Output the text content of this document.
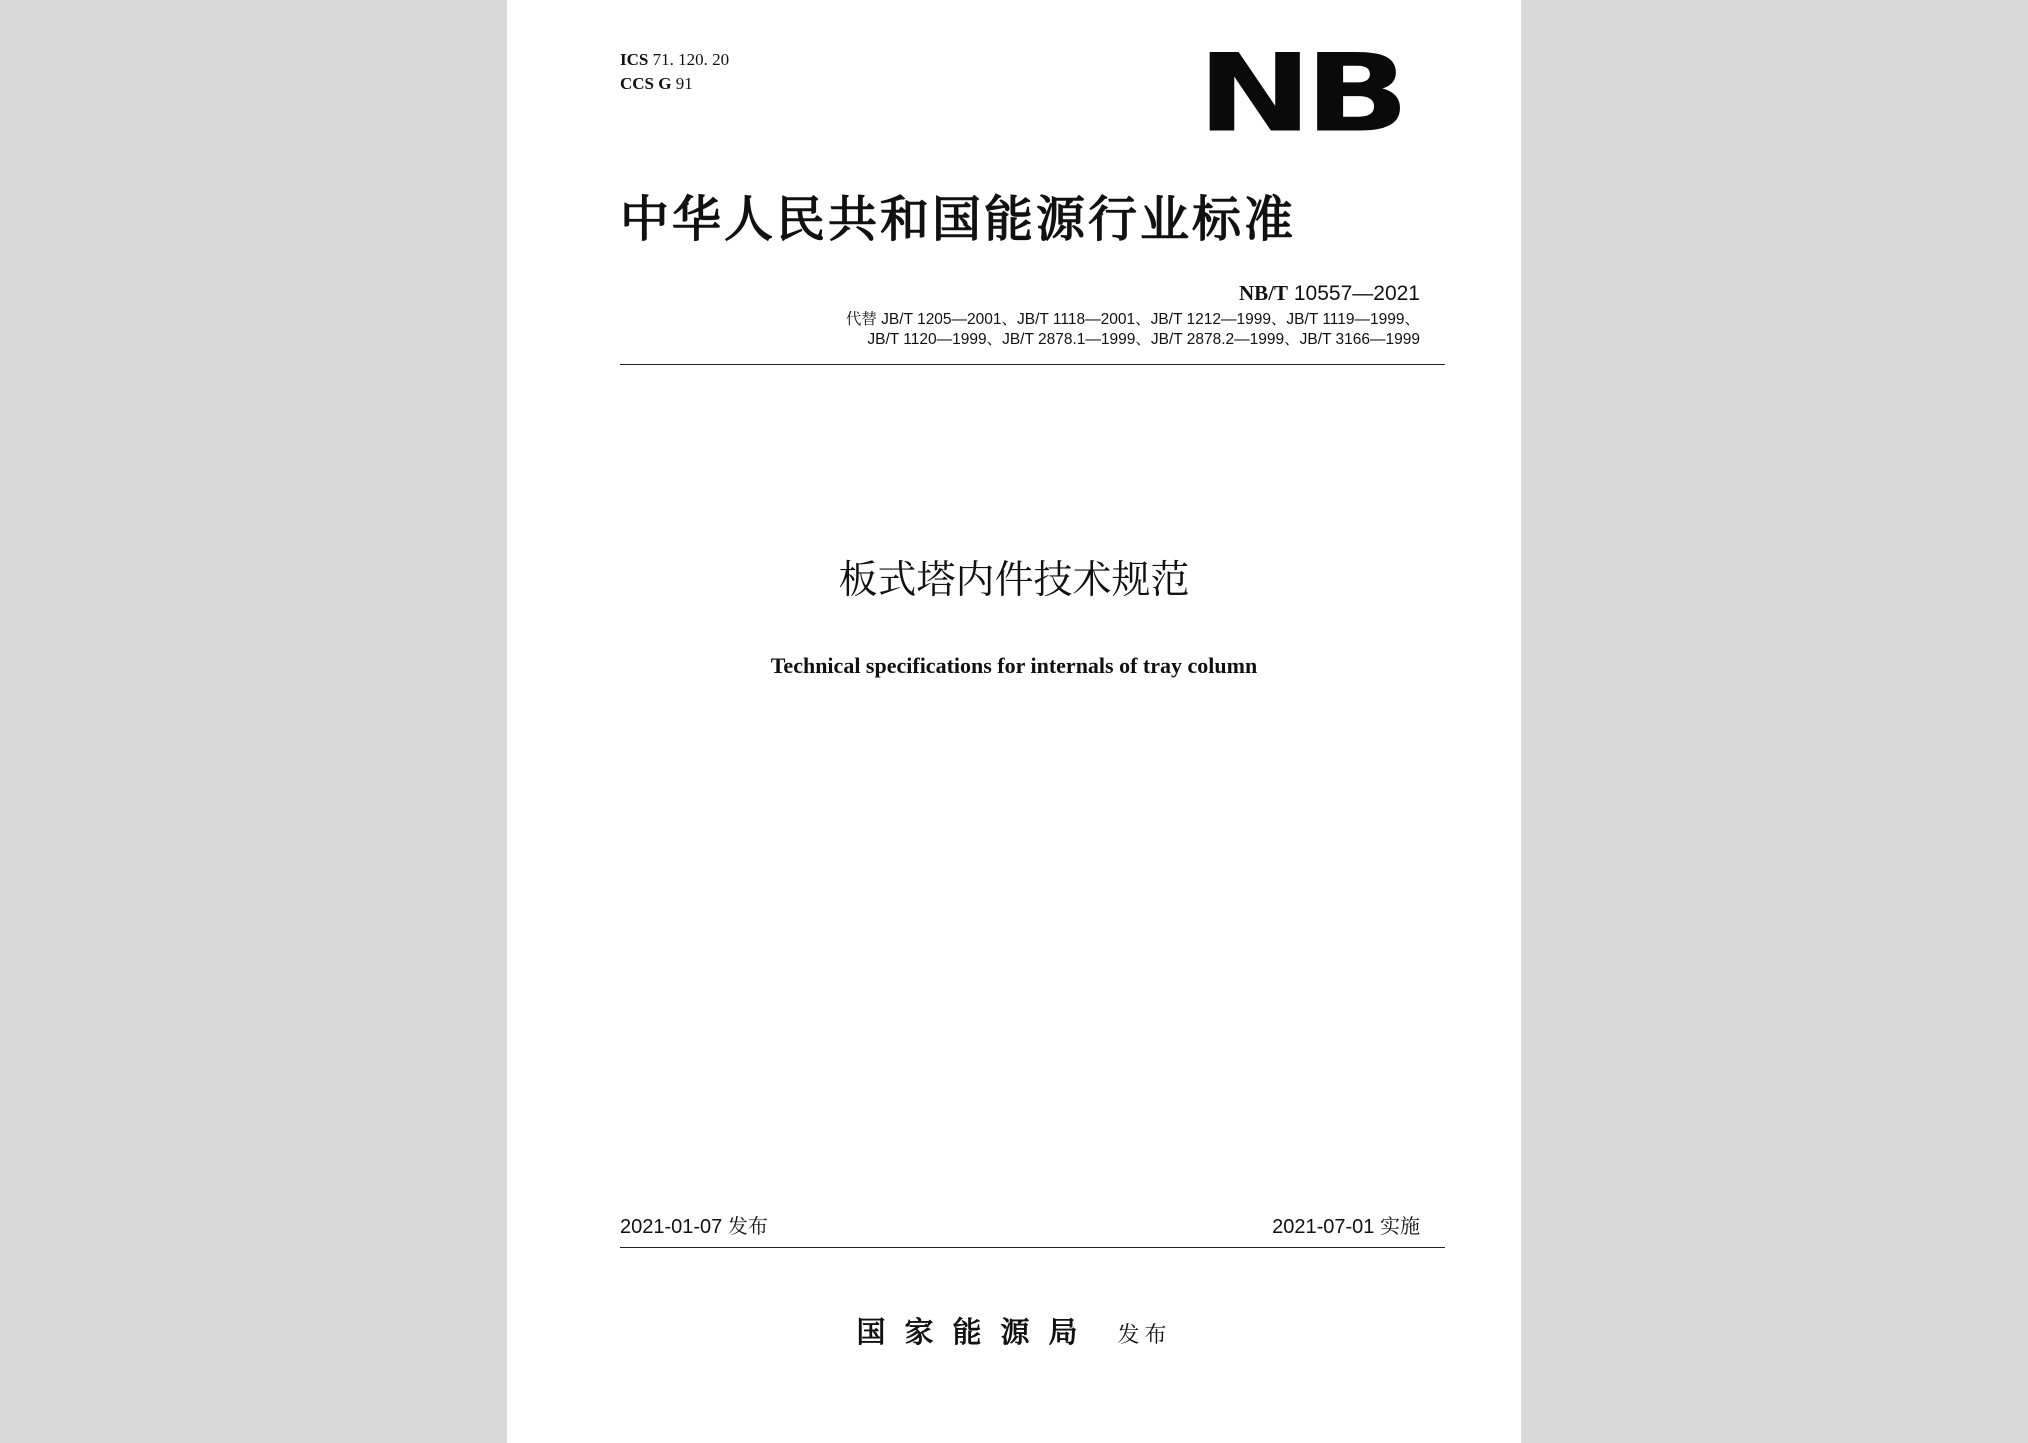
ICS 71. 120. 20
CCS G 91	NB
中华人民共和国能源行业标准
NB/T 10557—2021
代替 JB/T 1205—2001、JB/T 1118—2001、JB/T 1212—1999、JB/T 1119—1999、
JB/T 1120—1999、JB/T 2878.1—1999、JB/T 2878.2—1999、JB/T 3166—1999
板式塔内件技术规范
Technical specifications for internals of tray column
2021-01-07 发布	2021-07-01 实施
国家能源局 发布
